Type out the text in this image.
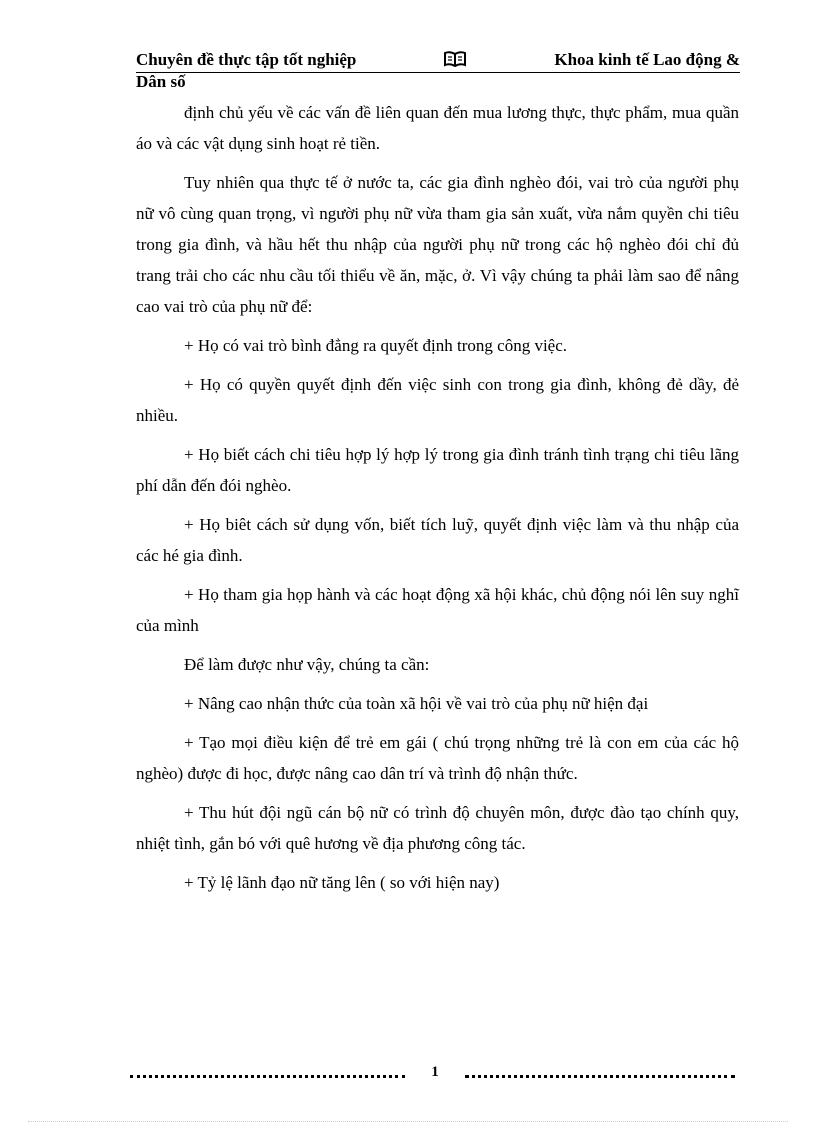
Chuyên đề thực tập tốt nghiệp	Khoa kinh tế Lao động &
Dân số

định chủ yếu về các vấn đề liên quan đến mua lương thực, thực phẩm, mua quần áo và các vật dụng sinh hoạt rẻ tiền.

Tuy nhiên qua thực tế ở nước ta, các gia đình nghèo đói, vai trò của người phụ nữ vô cùng quan trọng, vì người phụ nữ vừa tham gia sản xuất, vừa nắm quyền chi tiêu trong gia đình, và hầu hết thu nhập của người phụ nữ trong các hộ nghèo đói chỉ đủ trang trải cho các nhu cầu tối thiểu về ăn, mặc, ở. Vì vậy chúng ta phải làm sao để nâng cao vai trò của phụ nữ để:

+ Họ có vai trò bình đẳng ra quyết định trong công việc.

+ Họ có quyền quyết định đến việc sinh con trong gia đình, không đẻ dầy, đẻ nhiều.

+ Họ biết cách chi tiêu hợp lý hợp lý trong gia đình tránh tình trạng chi tiêu lãng phí dẫn đến đói nghèo.

+ Họ biêt cách sử dụng vốn, biết tích luỹ, quyết định việc làm và thu nhập của các hé gia đình.

+ Họ tham gia họp hành và các hoạt động xã hội khác, chủ động nói lên suy nghĩ của mình

Để làm được như vậy, chúng ta cần:

+ Nâng cao nhận thức của toàn xã hội về vai trò của phụ nữ hiện đại

+ Tạo mọi điều kiện để trẻ em gái ( chú trọng những trẻ là con em của các hộ nghèo) được đi học, được nâng cao dân trí và trình độ nhận thức.

+ Thu hút đội ngũ cán bộ nữ có trình độ chuyên môn, được đào tạo chính quy, nhiệt tình, gắn bó với quê hương về địa phương công tác.

+ Tỷ lệ lãnh đạo nữ tăng lên ( so với hiện nay)

1
